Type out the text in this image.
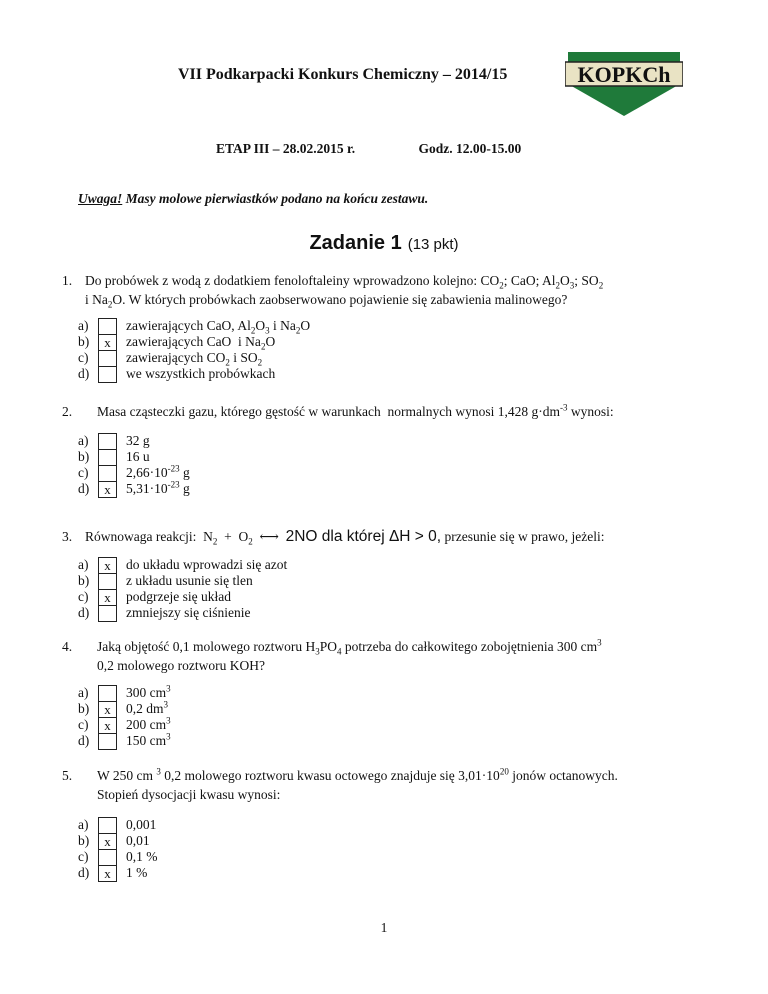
VII Podkarpacki Konkurs Chemiczny – 2014/15	KOPKCh
ETAP III – 28.02.2015 r.	Godz. 12.00-15.00
Uwaga! Masy molowe pierwiastków podano na końcu zestawu.
Zadanie 1 (13 pkt)
1. Do probówek z wodą z dodatkiem fenoloftaleiny wprowadzono kolejno: $CO_2$; CaO; $Al_2O_3$; $SO_2$
i $Na_2O$. W których probówkach zaobserwowano pojawienie się zabawienia malinowego?
a)	zawierających CaO, $Al_2O_3$ i $Na_2O$
b)	x	zawierających CaO  i $Na_2O$
c)	zawierających $CO_2$ i $SO_2$
d)	we wszystkich probówkach
2.	Masa cząsteczki gazu, którego gęstość w warunkach  normalnych wynosi 1,428 $g\cdot dm^{-3}$ wynosi:
a)	32 g
b)	16 u
c)	$2,66\cdot 10^{-23}$ g
d)	x	$5,31\cdot 10^{-23}$ g
3. Równowaga reakcji:  $N_2 + O_2$ ⟷ 2NO dla której ΔH > 0, przesunie się w prawo, jeżeli:
a)	x	do układu wprowadzi się azot
b)	z układu usunie się tlen
c)	x	podgrzeje się układ
d)	zmniejszy się ciśnienie
4.	Jaką objętość 0,1 molowego roztworu $H_3PO_4$ potrzeba do całkowitego zobojętnienia 300 $cm^3$
0,2 molowego roztworu KOH?
a)	300 $cm^3$
b)	x	0,2 $dm^3$
c)	x	200 $cm^3$
d)	150 $cm^3$
5.	W 250 cm $^3$ 0,2 molowego roztworu kwasu octowego znajduje się $3,01\cdot 10^{20}$ jonów octanowych.
Stopień dysocjacji kwasu wynosi:
a)	0,001
b)	x	0,01
c)	0,1 %
d)	x	1 %
1
